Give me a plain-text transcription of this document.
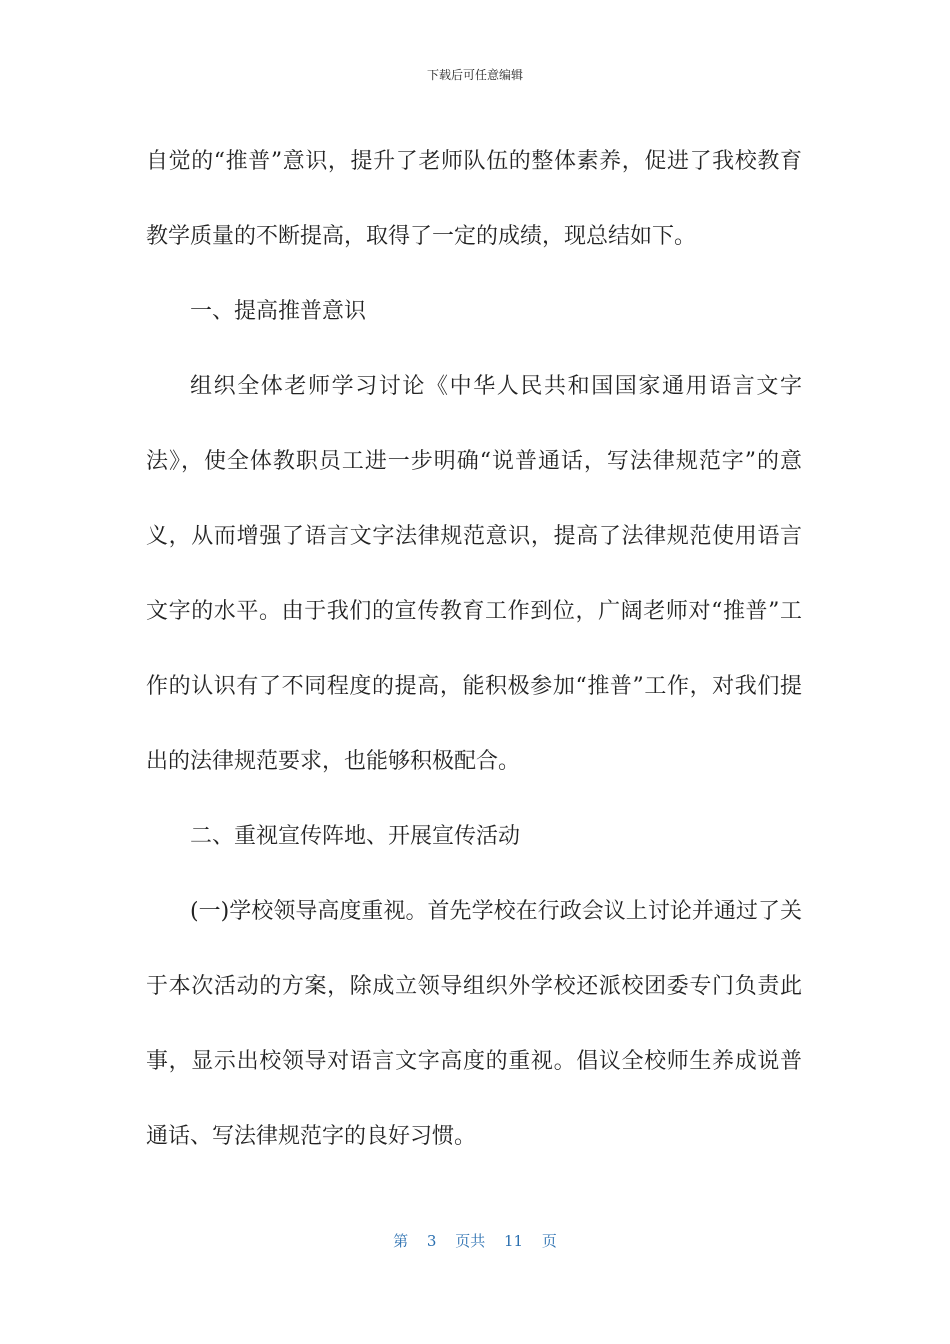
下载后可任意编辑

自觉的“推普”意识，提升了老师队伍的整体素养，促进了我校教育教学质量的不断提高，取得了一定的成绩，现总结如下。

一、提高推普意识

组织全体老师学习讨论《中华人民共和国国家通用语言文字法》，使全体教职员工进一步明确“说普通话，写法律规范字”的意义，从而增强了语言文字法律规范意识，提高了法律规范使用语言文字的水平。由于我们的宣传教育工作到位，广阔老师对“推普”工作的认识有了不同程度的提高，能积极参加“推普”工作，对我们提出的法律规范要求，也能够积极配合。

二、重视宣传阵地、开展宣传活动

(一)学校领导高度重视。首先学校在行政会议上讨论并通过了关于本次活动的方案，除成立领导组织外学校还派校团委专门负责此事，显示出校领导对语言文字高度的重视。倡议全校师生养成说普通话、写法律规范字的良好习惯。

第 3 页共 11 页
